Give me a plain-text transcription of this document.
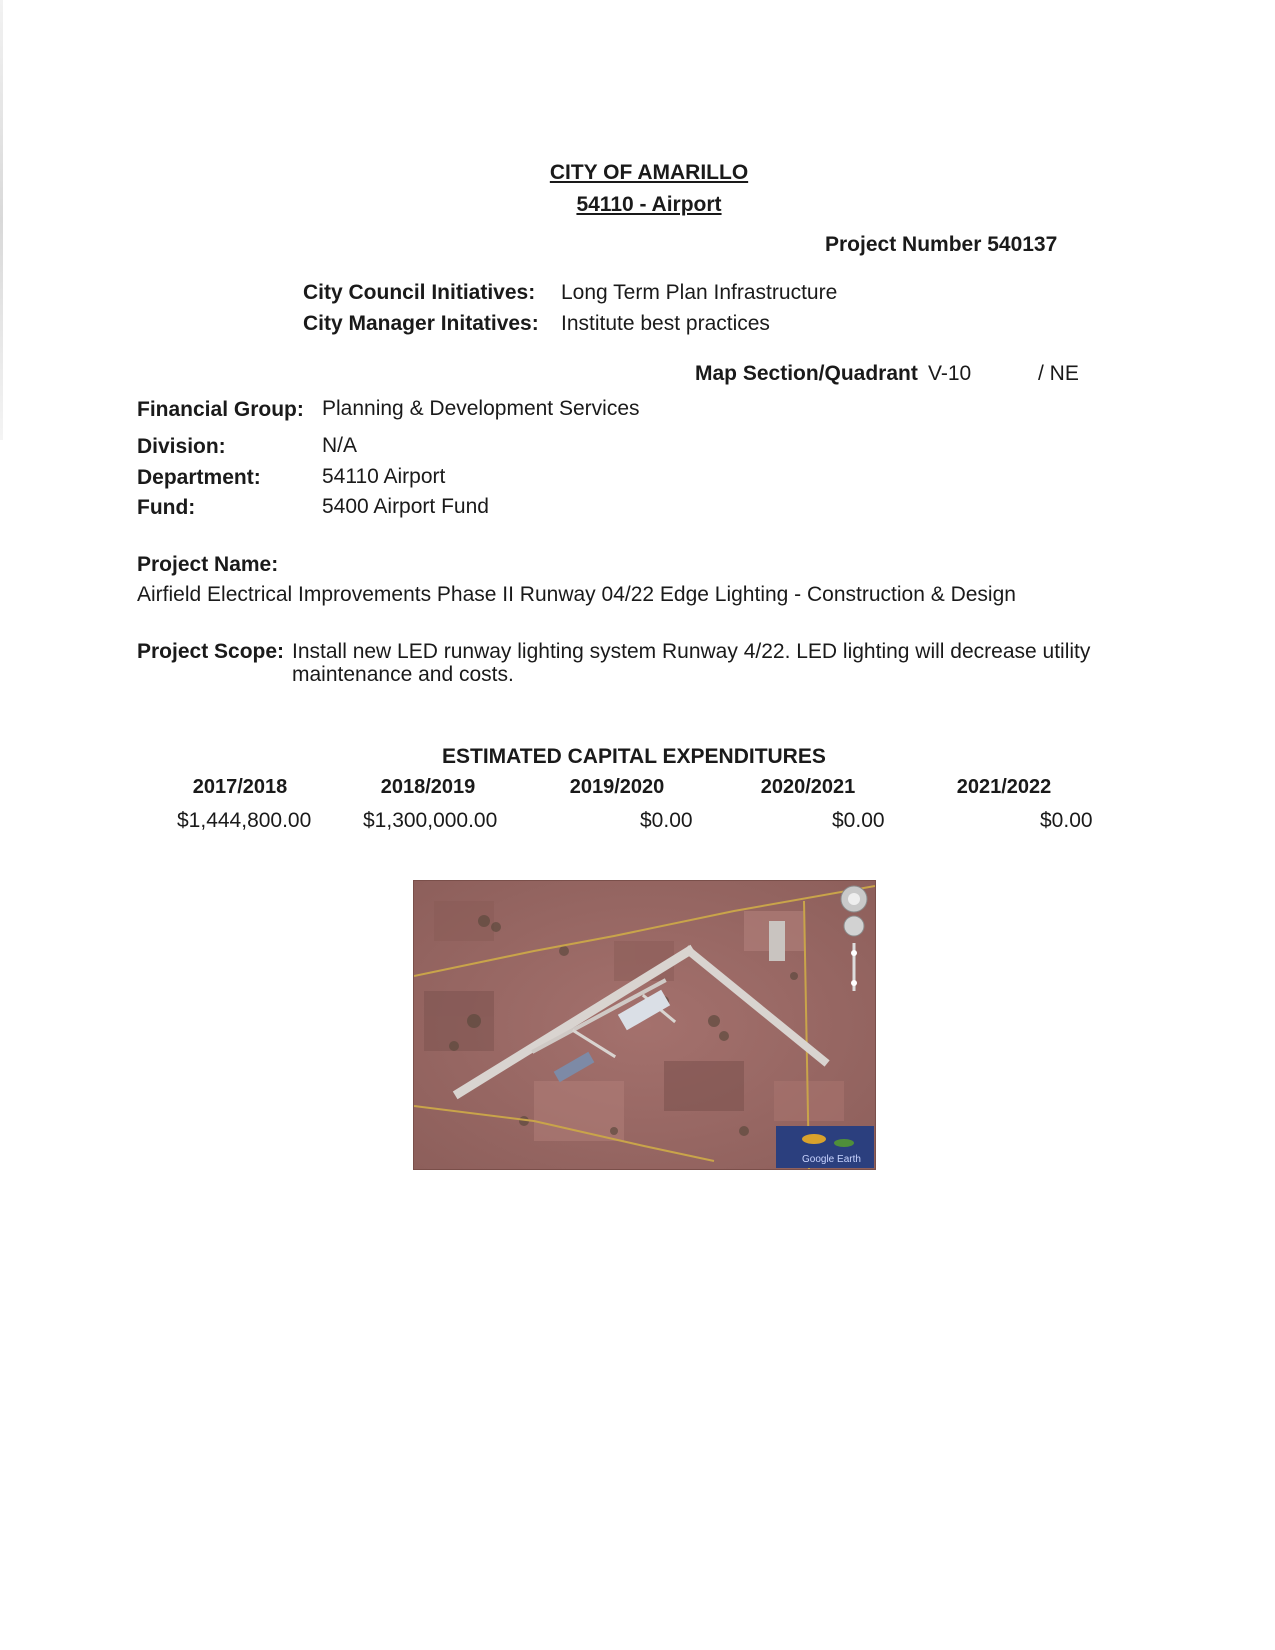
CITY OF AMARILLO
54110 - Airport
Project Number 540137
City Council Initiatives: Long Term Plan Infrastructure
City Manager Initatives: Institute best practices
Map Section/Quadrant V-10	/ NE
Financial Group: Planning & Development Services
Division:	N/A
Department:	54110 Airport
Fund:	5400 Airport Fund
Project Name:
Airfield Electrical Improvements Phase II Runway 04/22 Edge Lighting - Construction & Design
Project Scope: Install new LED runway lighting system Runway 4/22. LED lighting will decrease utility
maintenance and costs.
ESTIMATED CAPITAL EXPENDITURES
2017/2018	2018/2019	2019/2020	2020/2021	2021/2022
$1,444,800.00 $1,300,000.00	$0.00	$0.00	$0.00
Google Earth
